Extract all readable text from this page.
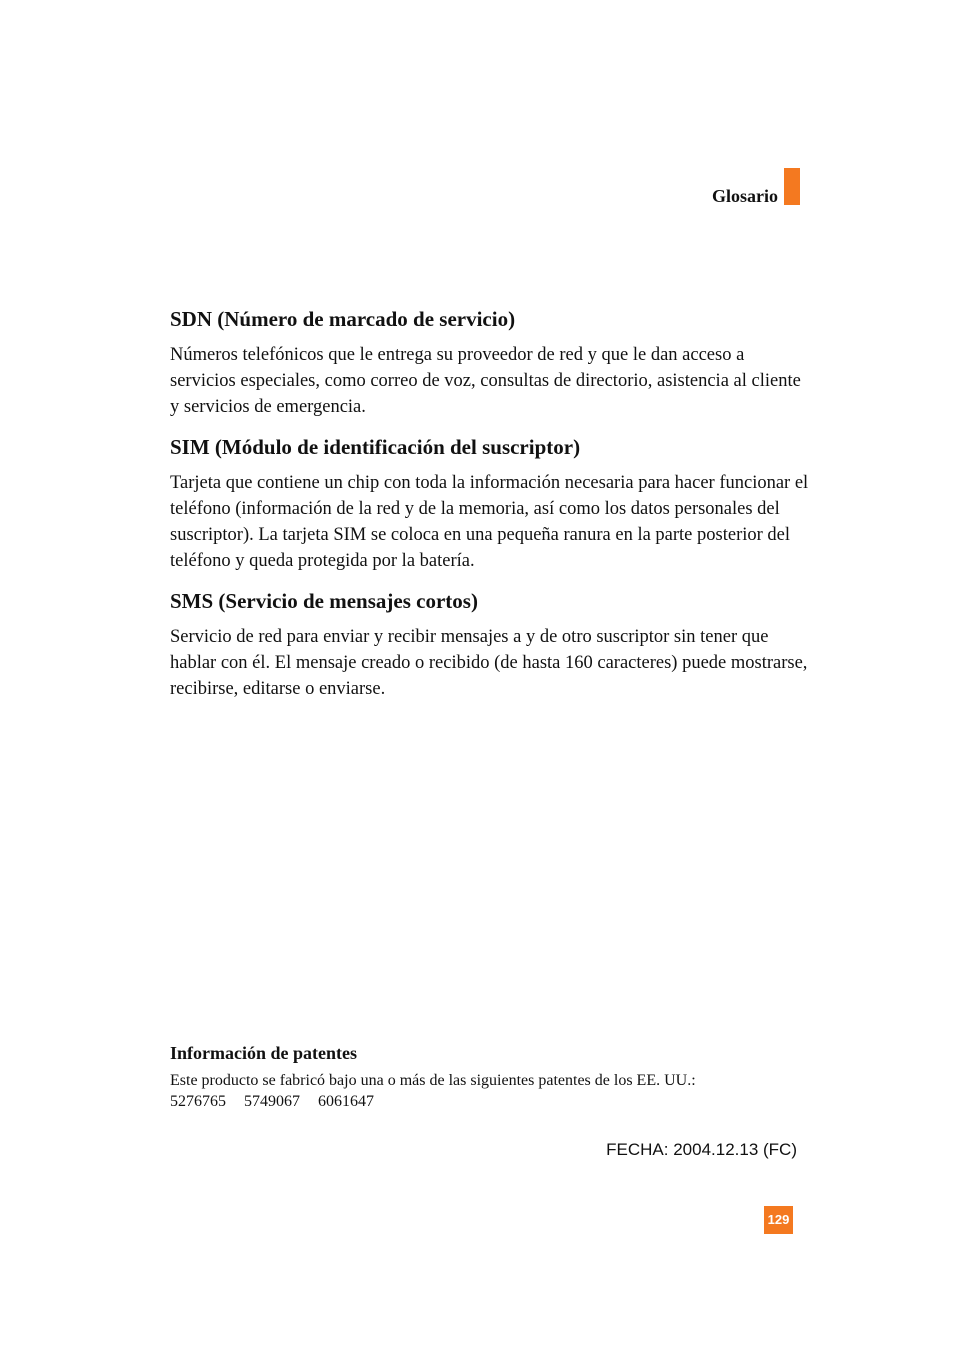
Glosario
SDN (Número de marcado de servicio)

Números telefónicos que le entrega su proveedor de red y que le dan acceso a servicios especiales, como correo de voz, consultas de directorio, asistencia al cliente y servicios de emergencia.

SIM (Módulo de identificación del suscriptor)

Tarjeta que contiene un chip con toda la información necesaria para hacer funcionar el teléfono (información de la red y de la memoria, así como los datos personales del suscriptor). La tarjeta SIM se coloca en una pequeña ranura en la parte posterior del teléfono y queda protegida por la batería.

SMS (Servicio de mensajes cortos)

Servicio de red para enviar y recibir mensajes a y de otro suscriptor sin tener que hablar con él. El mensaje creado o recibido (de hasta 160 caracteres) puede mostrarse, recibirse, editarse o enviarse.

Información de patentes

Este producto se fabricó bajo una o más de las siguientes patentes de los EE. UU.:

5276765 5749067 6061647

FECHA: 2004.12.13 (FC)
129
